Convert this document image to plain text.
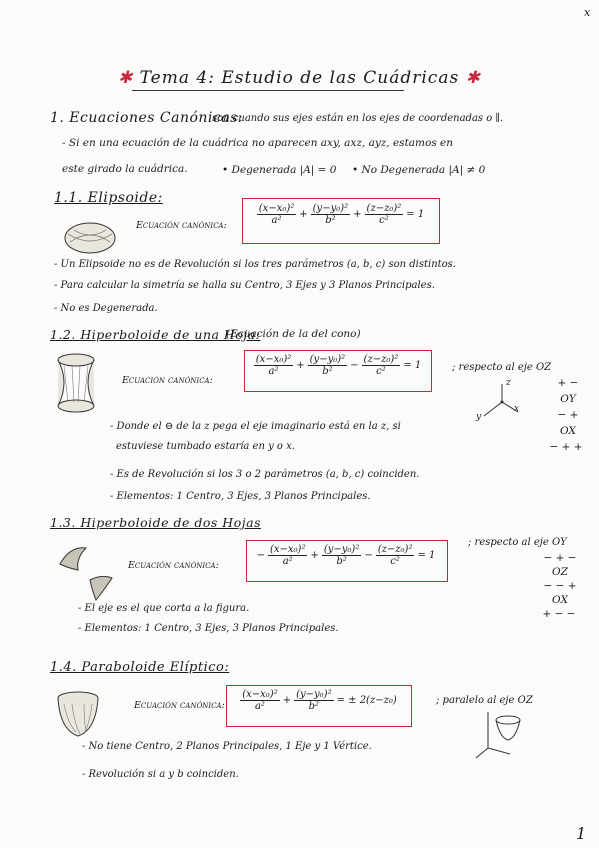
x
1
✱ Tema 4: Estudio de las Cuádricas ✱
1. Ecuaciones Canónicas:
son cuando sus ejes están en los ejes de coordenadas o ∥.
- Si en una ecuación de la cuádrica no aparecen axy, axz, ayz, estamos en
este girado la cuádrica.	• Degenerada |A| = 0 • No Degenerada |A| ≠ 0
1.1. Elipsoide:
Ecuación canónica:	$\frac{\text{(x−x₀)²}}{\text{a²}} + \frac{\text{(y−y₀)²}}{\text{b²}} + \frac{\text{(z−z₀)²}}{\text{c²}} = 1$
- Un Elipsoide no es de Revolución si los tres parámetros (a, b, c) son distintos.
- Para calcular la simetría se halla su Centro, 3 Ejes y 3 Planos Principales.
- No es Degenerada.
1.2. Hiperboloide de una Hoja:
(Ecuación de la del cono)
Ecuación canónica:
$\frac{\text{(x−x₀)²}}{\text{a²}} + \frac{\text{(y−y₀)²}}{\text{b²}} - \frac{\text{(z−z₀)²}}{\text{c²}} = 1$	; respecto al eje OZ
z
y
x
+ −
OY
− +
OX
− + +
- Donde el ⊖ de la z pega el eje imaginario está en la z, si
estuviese tumbado estaría en y o x.
- Es de Revolución si los 3 o 2 parámetros (a, b, c) coinciden.
- Elementos: 1 Centro, 3 Ejes, 3 Planos Principales.
1.3. Hiperboloide de dos Hojas
Ecuación canónica:
− $\frac{\text{(x−x₀)²}}{\text{a²}} + \frac{\text{(y−y₀)²}}{\text{b²}} - \frac{\text{(z−z₀)²}}{\text{c²}} = 1$
; respecto al eje OY
− + −
OZ
− − +
OX
+ − −
- El eje es el que corta a la figura.
- Elementos: 1 Centro, 3 Ejes, 3 Planos Principales.
1.4. Paraboloide Elíptico:
Ecuación canónica: $\frac{\text{(x−x₀)²}}{\text{a²}} + \frac{\text{(y−y₀)²}}{\text{b²}}$ = ± 2(z−z₀)	; paralelo al eje OZ
- No tiene Centro, 2 Planos Principales, 1 Eje y 1 Vértice.
- Revolución si a y b coinciden.
